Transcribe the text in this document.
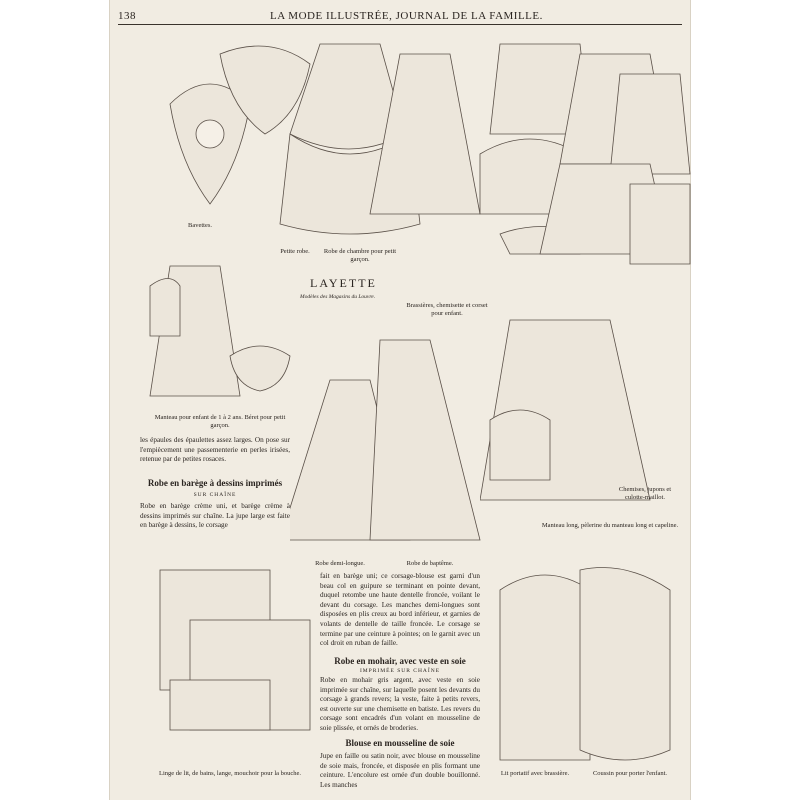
138	LA MODE ILLUSTRÉE, JOURNAL DE LA FAMILLE.
Bavettes.
Petite robe.	Robe de chambre pour petit garçon.
Brassières, chemisette et corset pour enfant.
LAYETTE
Modèles des Magasins du Louvre.
Manteau pour enfant de 1 à 2 ans. Béret pour petit garçon.
les épaules des épaulettes assez larges. On pose sur l'empiècement une passementerie en perles irisées, retenue par de petites rosaces.
Robe en barège à dessins imprimés
SUR CHAÎNE
Robe en barège crème uni, et barège crème à dessins imprimés sur chaîne. La jupe large est faite en barège à dessins, le corsage
Robe demi-longue.	Robe de baptême.
Chemises, jupons et culotte-maillot.
Manteau long, pèlerine du manteau long et capeline.
Linge de lit, de bains, lange, mouchoir pour la bouche.
fait en barège uni; ce corsage-blouse est garni d'un beau col en guipure se terminant en pointe devant, duquel retombe une haute dentelle froncée, voilant le devant du corsage. Les manches demi-longues sont disposées en plis creux au bord inférieur, et garnies de volants de dentelle de taille froncée. Le corsage se termine par une ceinture à pointes; on le garnit avec un col droit en ruban de faille.
Robe en mohair, avec veste en soie
IMPRIMÉE SUR CHAÎNE
Robe en mohair gris argent, avec veste en soie imprimée sur chaîne, sur laquelle posent les devants du corsage à grands revers; la veste, faite à petits revers, est ouverte sur une chemisette en batiste. Les revers du corsage sont encadrés d'un volant en mousseline de soie plissée, et ornés de broderies.
Blouse en mousseline de soie
Jupe en faille ou satin noir, avec blouse en mousseline de soie mais, froncée, et disposée en plis formant une ceinture. L'encolure est ornée d'un double bouillonné. Les manches
Lit portatif avec brassière.	Coussin pour porter l'enfant.
